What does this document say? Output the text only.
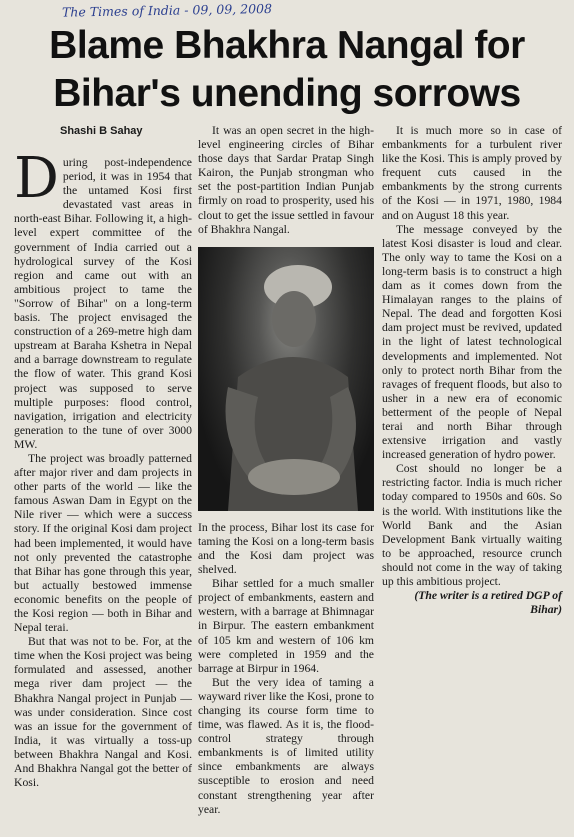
The Times of India - 09, 09, 2008
Blame Bhakhra Nangal for
Bihar's unending sorrows
Shashi B Sahay

During post-independence period, it was in 1954 that the untamed Kosi first devastated vast areas in north-east Bihar. Following it, a high-level expert committee of the government of India carried out a hydrological survey of the Kosi region and came out with an ambitious project to tame the "Sorrow of Bihar" on a long-term basis. The project envisaged the construction of a 269-metre high dam upstream at Baraha Kshetra in Nepal and a barrage downstream to regulate the flow of water. This grand Kosi project was supposed to serve multiple purposes: flood control, navigation, irrigation and electricity generation to the tune of over 3000 MW.

The project was broadly patterned after major river and dam projects in other parts of the world — like the famous Aswan Dam in Egypt on the Nile river — which were a success story. If the original Kosi dam project had been implemented, it would have not only prevented the catastrophe that Bihar has gone through this year, but actually bestowed immense economic benefits on the people of the Kosi region — both in Bihar and Nepal terai.

But that was not to be. For, at the time when the Kosi project was being formulated and assessed, another mega river dam project — the Bhakhra Nangal project in Punjab — was under consideration. Since cost was an issue for the government of India, it was virtually a toss-up between Bhakhra Nangal and Kosi. And Bhakhra Nangal got the better of Kosi.

It was an open secret in the high-level engineering circles of Bihar those days that Sardar Pratap Singh Kairon, the Punjab strongman who set the post-partition Indian Punjab firmly on road to prosperity, used his clout to get the issue settled in favour of Bhakhra Nangal.

In the process, Bihar lost its case for taming the Kosi on a long-term basis and the Kosi dam project was shelved.

Bihar settled for a much smaller project of embankments, eastern and western, with a barrage at Bhimnagar in Birpur. The eastern embankment of 105 km and western of 106 km were completed in 1959 and the barrage at Birpur in 1964.

But the very idea of taming a wayward river like the Kosi, prone to changing its course form time to time, was flawed. As it is, the flood-control strategy through embankments is of limited utility since embankments are always susceptible to erosion and need constant strengthening year after year.

It is much more so in case of embankments for a turbulent river like the Kosi. This is amply proved by frequent cuts caused in the embankments by the strong currents of the Kosi — in 1971, 1980, 1984 and on August 18 this year.

The message conveyed by the latest Kosi disaster is loud and clear. The only way to tame the Kosi on a long-term basis is to construct a high dam as it comes down from the Himalayan ranges to the plains of Nepal. The dead and forgotten Kosi dam project must be revived, updated in the light of latest technological developments and implemented. Not only to protect north Bihar from the ravages of frequent floods, but also to usher in a new era of economic betterment of the people of Nepal terai and north Bihar through extensive irrigation and vastly increased generation of hydro power.

Cost should no longer be a restricting factor. India is much richer today compared to 1950s and 60s. So is the world. With institutions like the World Bank and the Asian Development Bank virtually waiting to be approached, resource crunch should not come in the way of taking up this ambitious project.

(The writer is a retired DGP of Bihar)
